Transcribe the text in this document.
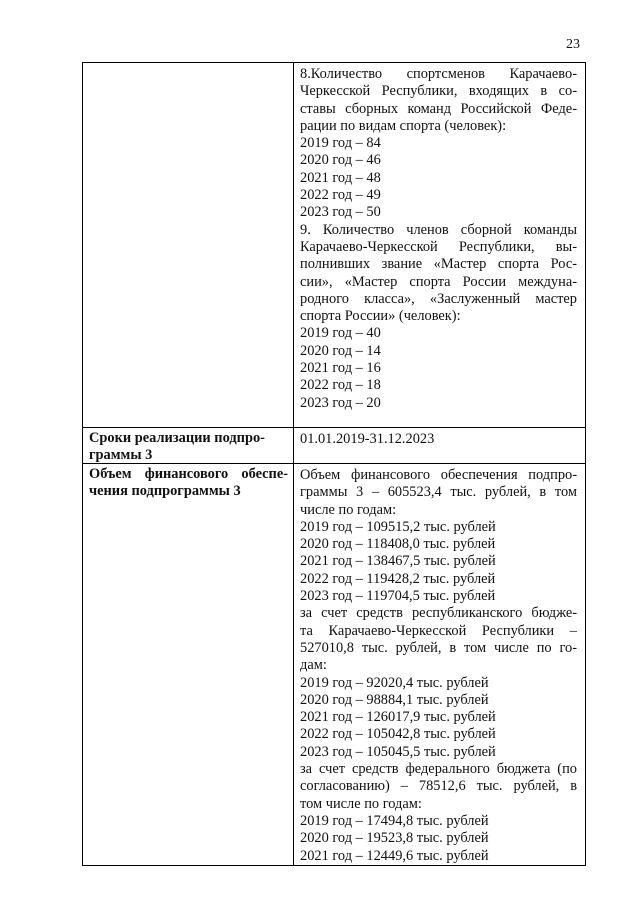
23
8.Количество спортсменов Карачаево-
Черкесской Республики, входящих в со-
ставы сборных команд Российской Феде-
рации по видам спорта (человек):
2019 год – 84
2020 год – 46
2021 год – 48
2022 год – 49
2023 год – 50
9. Количество членов сборной команды
Карачаево-Черкесской Республики, вы-
полнивших звание «Мастер спорта Рос-
сии», «Мастер спорта России междуна-
родного класса», «Заслуженный мастер
спорта России» (человек):
2019 год – 40
2020 год – 14
2021 год – 16
2022 год – 18
2023 год – 20
Сроки реализации подпро-
граммы 3
01.01.2019-31.12.2023
Объем финансового обеспе-
чения подпрограммы 3
Объем финансового обеспечения подпро-
граммы 3 – 605523,4 тыс. рублей, в том
числе по годам:
2019 год – 109515,2 тыс. рублей
2020 год – 118408,0 тыс. рублей
2021 год – 138467,5 тыс. рублей
2022 год – 119428,2 тыс. рублей
2023 год – 119704,5 тыс. рублей
за счет средств республиканского бюдже-
та Карачаево-Черкесской Республики –
527010,8 тыс. рублей, в том числе по го-
дам:
2019 год – 92020,4 тыс. рублей
2020 год – 98884,1 тыс. рублей
2021 год – 126017,9 тыс. рублей
2022 год – 105042,8 тыс. рублей
2023 год – 105045,5 тыс. рублей
за счет средств федерального бюджета (по
согласованию) – 78512,6 тыс. рублей, в
том числе по годам:
2019 год – 17494,8 тыс. рублей
2020 год – 19523,8 тыс. рублей
2021 год – 12449,6 тыс. рублей
